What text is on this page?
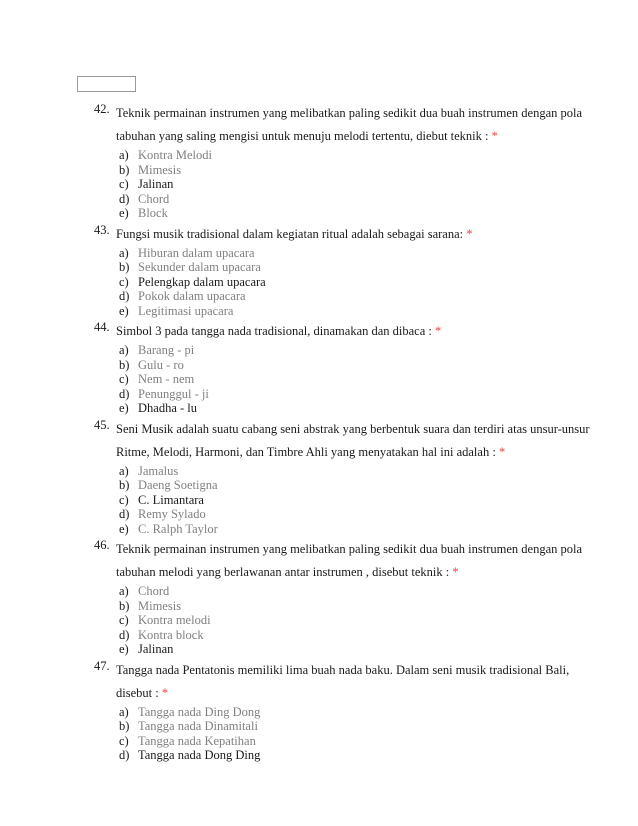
42. Teknik permainan instrumen yang melibatkan paling sedikit dua buah instrumen dengan pola tabuhan yang saling mengisi untuk menuju melodi tertentu, diebut teknik : *
a) Kontra Melodi
b) Mimesis
c) Jalinan
d) Chord
e) Block
43. Fungsi musik tradisional dalam kegiatan ritual adalah sebagai sarana: *
a) Hiburan dalam upacara
b) Sekunder dalam upacara
c) Pelengkap dalam upacara
d) Pokok dalam upacara
e) Legitimasi upacara
44. Simbol 3 pada tangga nada tradisional, dinamakan dan dibaca : *
a) Barang - pi
b) Gulu - ro
c) Nem - nem
d) Penunggul - ji
e) Dhadha - lu
45. Seni Musik adalah suatu cabang seni abstrak yang berbentuk suara dan terdiri atas unsur-unsur Ritme, Melodi, Harmoni, dan Timbre Ahli yang menyatakan hal ini adalah : *
a) Jamalus
b) Daeng Soetigna
c) C. Limantara
d) Remy Sylado
e) C. Ralph Taylor
46. Teknik permainan instrumen yang melibatkan paling sedikit dua buah instrumen dengan pola tabuhan melodi yang berlawanan antar instrumen , disebut teknik : *
a) Chord
b) Mimesis
c) Kontra melodi
d) Kontra block
e) Jalinan
47. Tangga nada Pentatonis memiliki lima buah nada baku. Dalam seni musik tradisional Bali, disebut : *
a) Tangga nada Ding Dong
b) Tangga nada Dinamitali
c) Tangga nada Kepatihan
d) Tangga nada Dong Ding
